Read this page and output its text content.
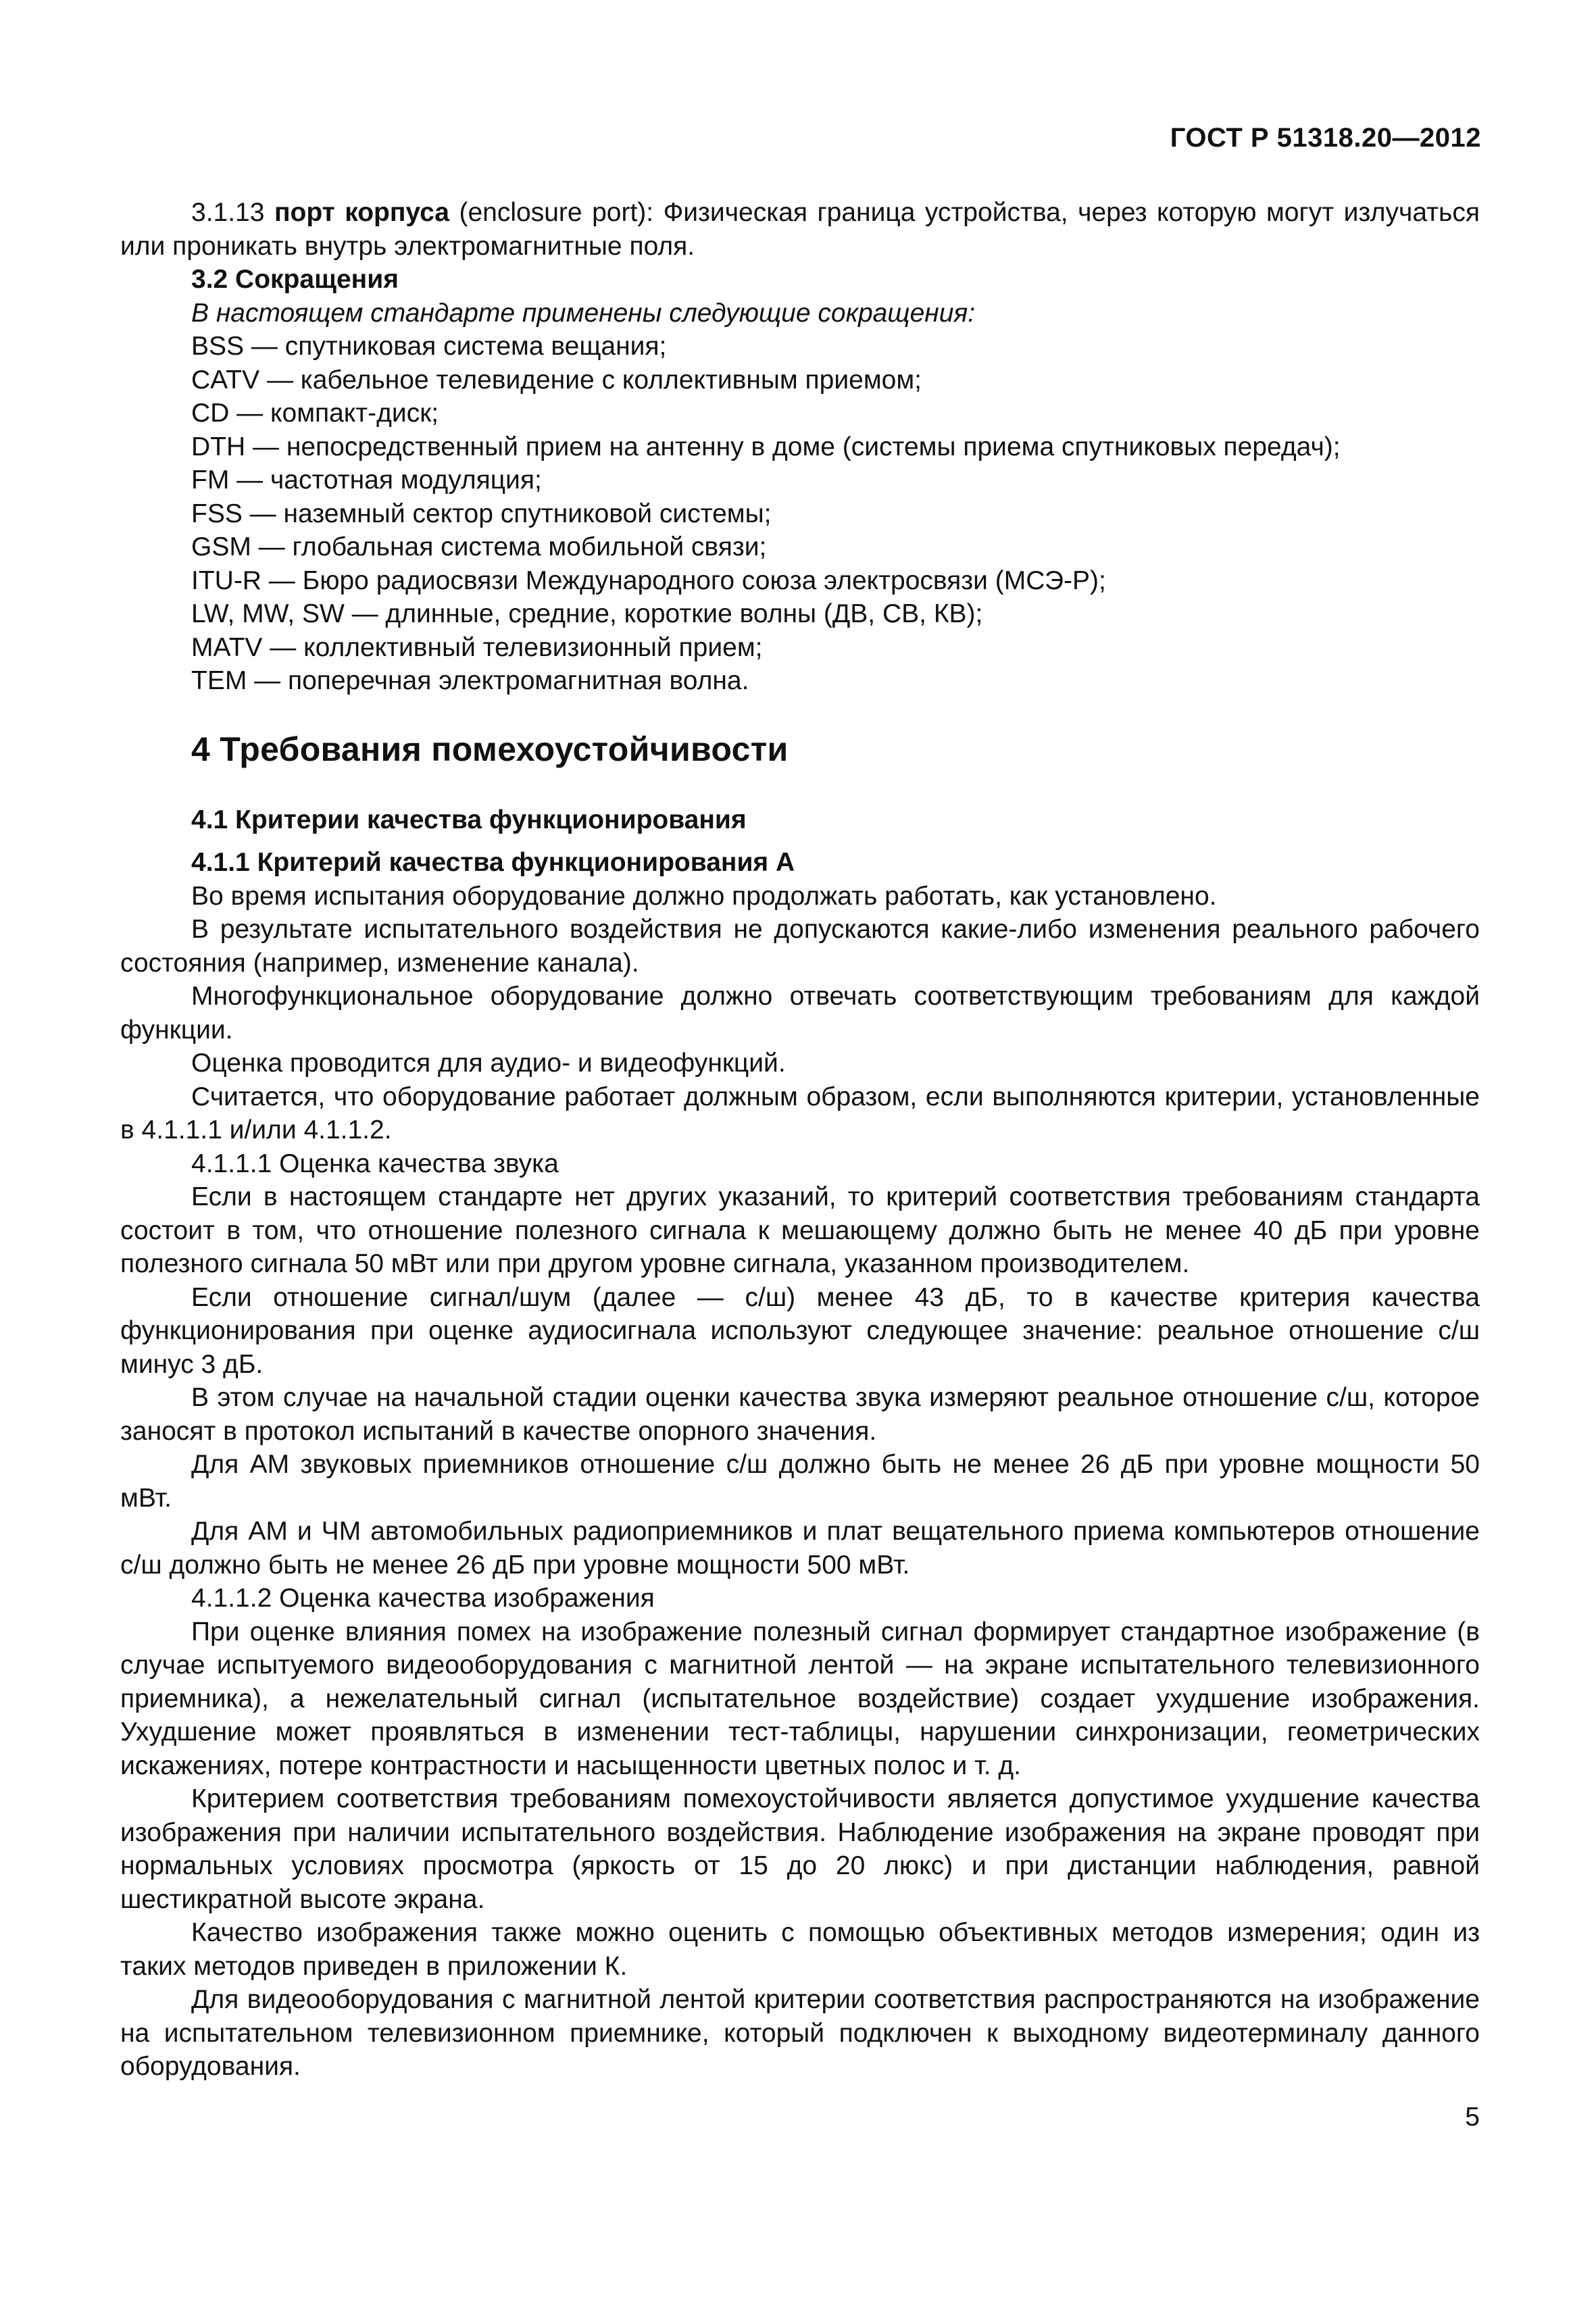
ГОСТ Р 51318.20—2012

3.1.13 порт корпуса (enclosure port): Физическая граница устройства, через которую могут излучаться или проникать внутрь электромагнитные поля.

3.2 Сокращения

В настоящем стандарте применены следующие сокращения:

BSS — спутниковая система вещания;
CATV — кабельное телевидение с коллективным приемом;
CD — компакт-диск;
DTH — непосредственный прием на антенну в доме (системы приема спутниковых передач);
FM — частотная модуляция;
FSS — наземный сектор спутниковой системы;
GSM — глобальная система мобильной связи;
ITU-R — Бюро радиосвязи Международного союза электросвязи (МСЭ-Р);
LW, MW, SW — длинные, средние, короткие волны (ДВ, СВ, КВ);
MATV — коллективный телевизионный прием;
TEM — поперечная электромагнитная волна.
4 Требования помехоустойчивости
4.1 Критерии качества функционирования
4.1.1 Критерий качества функционирования А

Во время испытания оборудование должно продолжать работать, как установлено.

В результате испытательного воздействия не допускаются какие-либо изменения реального рабочего состояния (например, изменение канала).

Многофункциональное оборудование должно отвечать соответствующим требованиям для каждой функции.

Оценка проводится для аудио- и видеофункций.

Считается, что оборудование работает должным образом, если выполняются критерии, установленные в 4.1.1.1 и/или 4.1.1.2.

4.1.1.1 Оценка качества звука

Если в настоящем стандарте нет других указаний, то критерий соответствия требованиям стандарта состоит в том, что отношение полезного сигнала к мешающему должно быть не менее 40 дБ при уровне полезного сигнала 50 мВт или при другом уровне сигнала, указанном производителем.

Если отношение сигнал/шум (далее — с/ш) менее 43 дБ, то в качестве критерия качества функционирования при оценке аудиосигнала используют следующее значение: реальное отношение с/ш минус 3 дБ.

В этом случае на начальной стадии оценки качества звука измеряют реальное отношение с/ш, которое заносят в протокол испытаний в качестве опорного значения.

Для АМ звуковых приемников отношение с/ш должно быть не менее 26 дБ при уровне мощности 50 мВт.

Для АМ и ЧМ автомобильных радиоприемников и плат вещательного приема компьютеров отношение с/ш должно быть не менее 26 дБ при уровне мощности 500 мВт.

4.1.1.2 Оценка качества изображения

При оценке влияния помех на изображение полезный сигнал формирует стандартное изображение (в случае испытуемого видеооборудования с магнитной лентой — на экране испытательного телевизионного приемника), а нежелательный сигнал (испытательное воздействие) создает ухудшение изображения. Ухудшение может проявляться в изменении тест-таблицы, нарушении синхронизации, геометрических искажениях, потере контрастности и насыщенности цветных полос и т. д.

Критерием соответствия требованиям помехоустойчивости является допустимое ухудшение качества изображения при наличии испытательного воздействия. Наблюдение изображения на экране проводят при нормальных условиях просмотра (яркость от 15 до 20 люкс) и при дистанции наблюдения, равной шестикратной высоте экрана.

Качество изображения также можно оценить с помощью объективных методов измерения; один из таких методов приведен в приложении К.

Для видеооборудования с магнитной лентой критерии соответствия распространяются на изображение на испытательном телевизионном приемнике, который подключен к выходному видеотерминалу данного оборудования.

5
